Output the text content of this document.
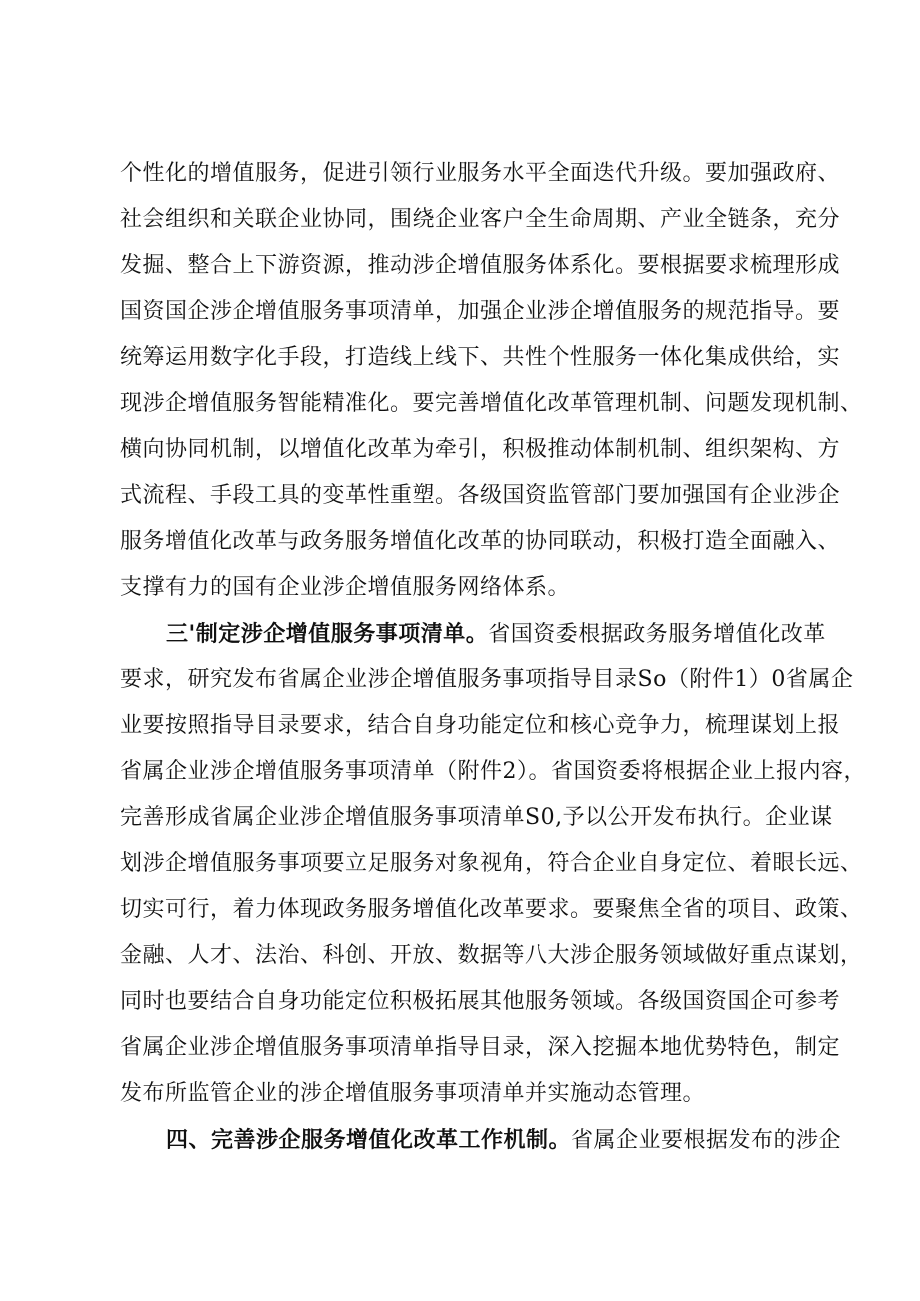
个性化的增值服务，促进引领行业服务水平全面迭代升级。要加强政府、
社会组织和关联企业协同，围绕企业客户全生命周期、产业全链条，充分
发掘、整合上下游资源，推动涉企增值服务体系化。要根据要求梳理形成
国资国企涉企增值服务事项清单，加强企业涉企增值服务的规范指导。要
统筹运用数字化手段，打造线上线下、共性个性服务一体化集成供给，实
现涉企增值服务智能精准化。要完善增值化改革管理机制、问题发现机制、
横向协同机制，以增值化改革为牵引，积极推动体制机制、组织架构、方
式流程、手段工具的变革性重塑。各级国资监管部门要加强国有企业涉企
服务增值化改革与政务服务增值化改革的协同联动，积极打造全面融入、
支撑有力的国有企业涉企增值服务网络体系。
三'制定涉企增值服务事项清单。省国资委根据政务服务增值化改革
要求，研究发布省属企业涉企增值服务事项指导目录So（附件1）0省属企
业要按照指导目录要求，结合自身功能定位和核心竞争力，梳理谋划上报
省属企业涉企增值服务事项清单（附件2）。省国资委将根据企业上报内容，
完善形成省属企业涉企增值服务事项清单S0,予以公开发布执行。企业谋
划涉企增值服务事项要立足服务对象视角，符合企业自身定位、着眼长远、
切实可行，着力体现政务服务增值化改革要求。要聚焦全省的项目、政策、
金融、人才、法治、科创、开放、数据等八大涉企服务领域做好重点谋划，
同时也要结合自身功能定位积极拓展其他服务领域。各级国资国企可参考
省属企业涉企增值服务事项清单指导目录，深入挖掘本地优势特色，制定
发布所监管企业的涉企增值服务事项清单并实施动态管理。
四、完善涉企服务增值化改革工作机制。省属企业要根据发布的涉企
